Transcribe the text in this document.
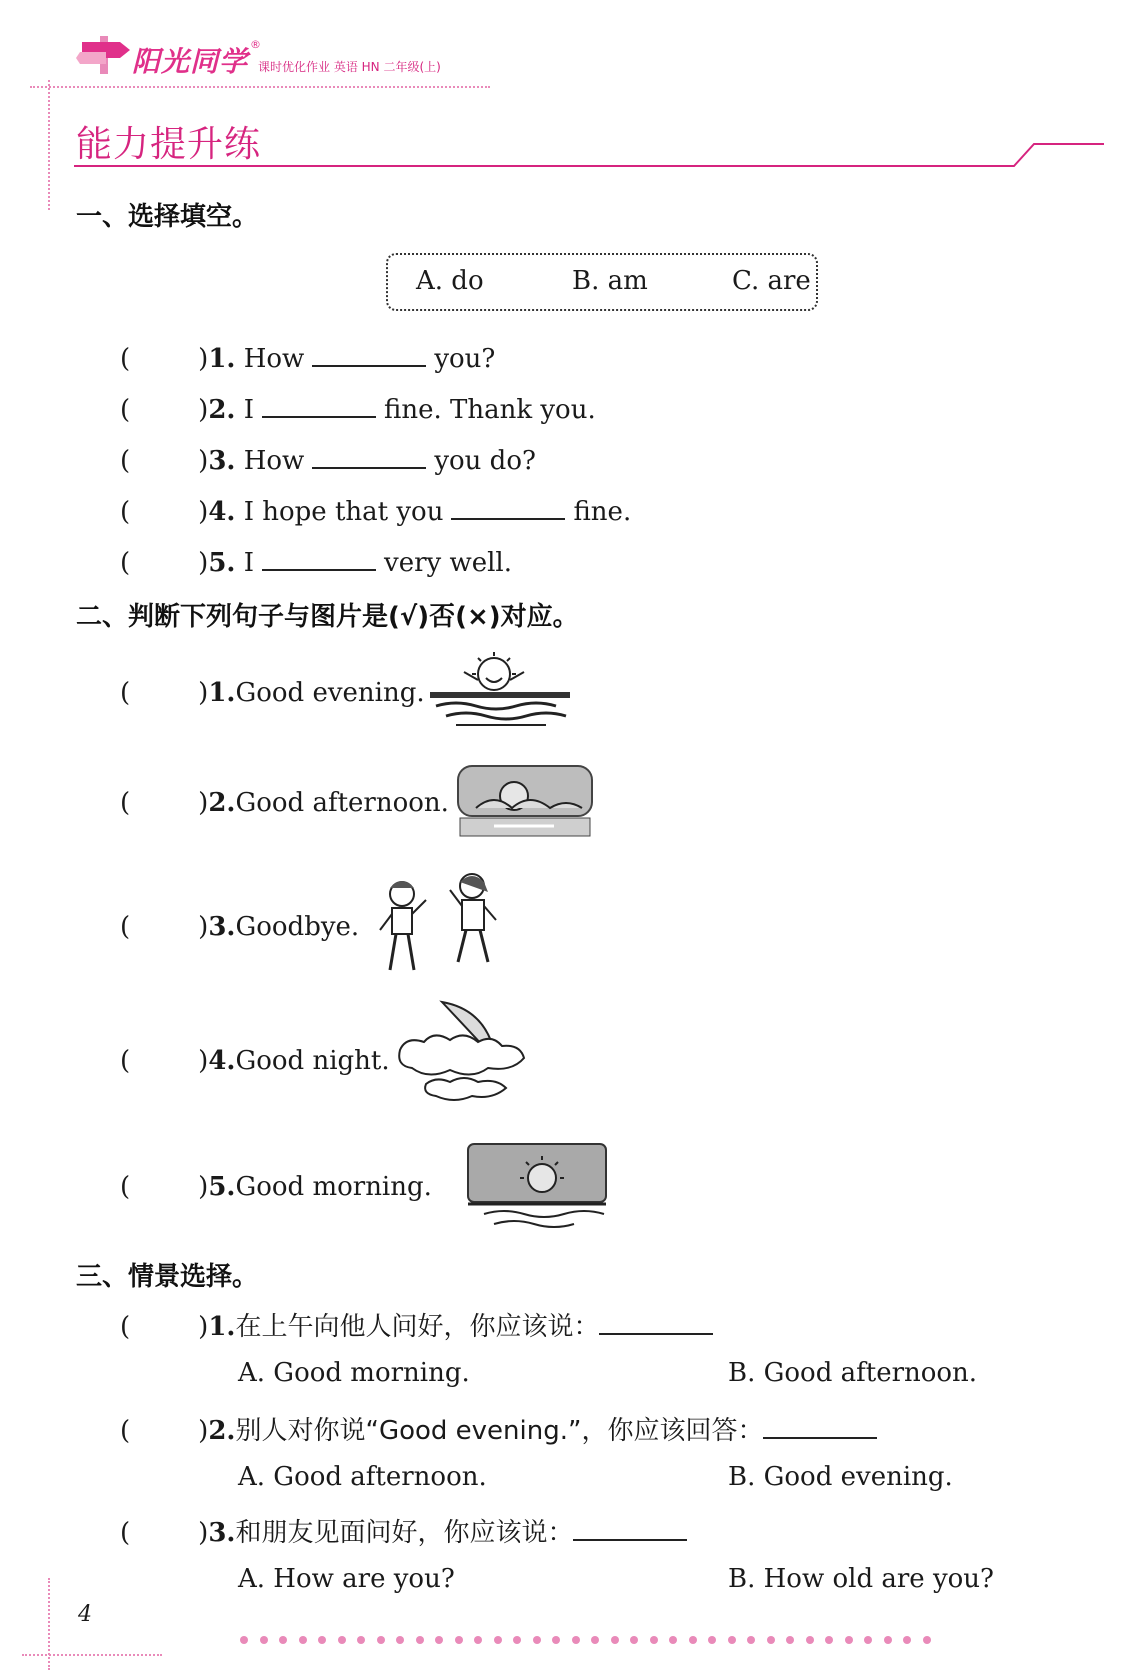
阳光同学
®
课时优化作业 英语 HN 二年级(上)
能力提升练
一、选择填空。
A. do	B. am	C. are
(	)1. How	you?
(	)2. I	fine. Thank you.
(	)3. How	you do?
(	)4. I hope that you	fine.
(	)5. I	very well.
二、判断下列句子与图片是(√)否(×)对应。
(	)1.Good evening.
(	)2.Good afternoon.
(	)3.Goodbye.
(	)4.Good night.
(	)5.Good morning.
三、情景选择。
(	)1.在上午向他人问好，你应该说：
A. Good morning.	B. Good afternoon.
(	)2.别人对你说“Good evening.”，你应该回答：
A. Good afternoon.	B. Good evening.
(	)3.和朋友见面问好，你应该说：
A. How are you?	B. How old are you?
4
